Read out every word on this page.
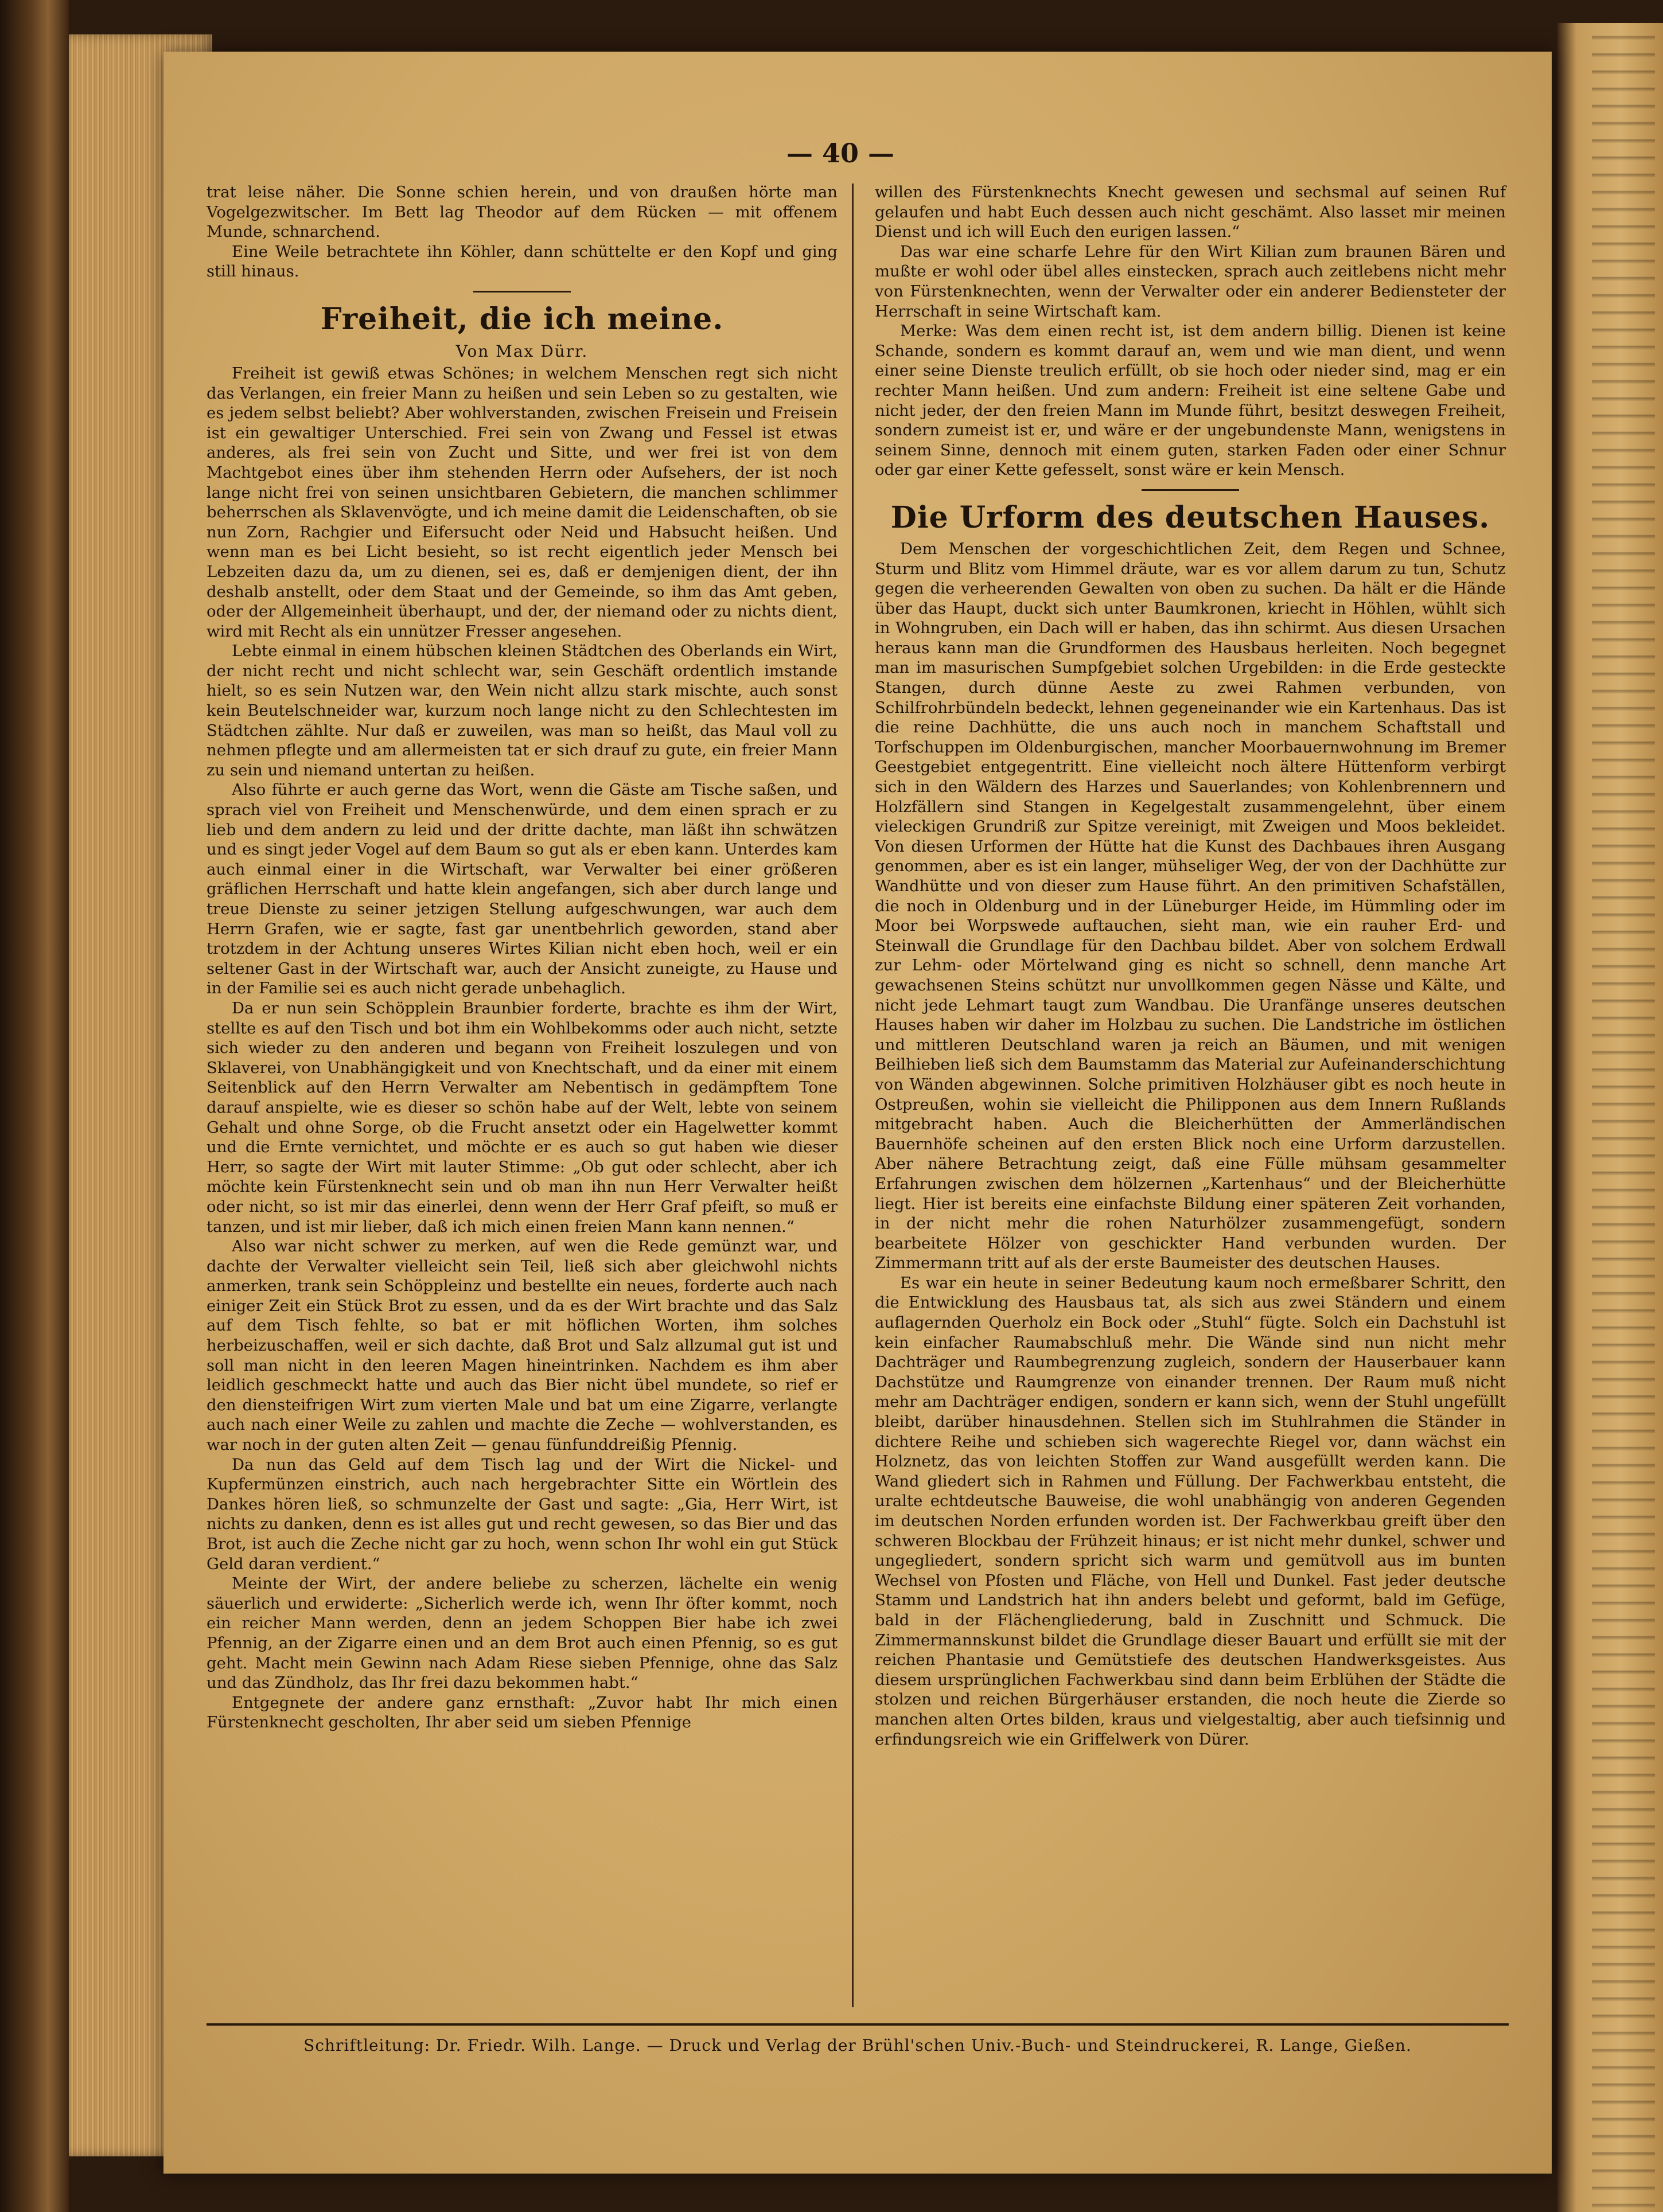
— 40 —

trat leise näher. Die Sonne schien herein, und von draußen hörte man Vogelgezwitscher. Im Bett lag Theodor auf dem Rücken — mit offenem Munde, schnarchend.

Eine Weile betrachtete ihn Köhler, dann schüttelte er den Kopf und ging still hinaus.

Freiheit, die ich meine.
Von Max Dürr.

Freiheit ist gewiß etwas Schönes; in welchem Menschen regt sich nicht das Verlangen, ein freier Mann zu heißen und sein Leben so zu gestalten, wie es jedem selbst beliebt? Aber wohlverstanden, zwischen Freisein und Freisein ist ein gewaltiger Unterschied. Frei sein von Zwang und Fessel ist etwas anderes, als frei sein von Zucht und Sitte, und wer frei ist von dem Machtgebot eines über ihm stehenden Herrn oder Aufsehers, der ist noch lange nicht frei von seinen unsichtbaren Gebietern, die manchen schlimmer beherrschen als Sklavenvögte, und ich meine damit die Leidenschaften, ob sie nun Zorn, Rachgier und Eifersucht oder Neid und Habsucht heißen. Und wenn man es bei Licht besieht, so ist recht eigentlich jeder Mensch bei Lebzeiten dazu da, um zu dienen, sei es, daß er demjenigen dient, der ihn deshalb anstellt, oder dem Staat und der Gemeinde, so ihm das Amt geben, oder der Allgemeinheit überhaupt, und der, der niemand oder zu nichts dient, wird mit Recht als ein unnützer Fresser angesehen.

Lebte einmal in einem hübschen kleinen Städtchen des Oberlands ein Wirt, der nicht recht und nicht schlecht war, sein Geschäft ordentlich imstande hielt, so es sein Nutzen war, den Wein nicht allzu stark mischte, auch sonst kein Beutelschneider war, kurzum noch lange nicht zu den Schlechtesten im Städtchen zählte. Nur daß er zuweilen, was man so heißt, das Maul voll zu nehmen pflegte und am allermeisten tat er sich drauf zu gute, ein freier Mann zu sein und niemand untertan zu heißen.

Also führte er auch gerne das Wort, wenn die Gäste am Tische saßen, und sprach viel von Freiheit und Menschenwürde, und dem einen sprach er zu lieb und dem andern zu leid und der dritte dachte, man läßt ihn schwätzen und es singt jeder Vogel auf dem Baum so gut als er eben kann. Unterdes kam auch einmal einer in die Wirtschaft, war Verwalter bei einer größeren gräflichen Herrschaft und hatte klein angefangen, sich aber durch lange und treue Dienste zu seiner jetzigen Stellung aufgeschwungen, war auch dem Herrn Grafen, wie er sagte, fast gar unentbehrlich geworden, stand aber trotzdem in der Achtung unseres Wirtes Kilian nicht eben hoch, weil er ein seltener Gast in der Wirtschaft war, auch der Ansicht zuneigte, zu Hause und in der Familie sei es auch nicht gerade unbehaglich.

Da er nun sein Schöpplein Braunbier forderte, brachte es ihm der Wirt, stellte es auf den Tisch und bot ihm ein Wohlbekomms oder auch nicht, setzte sich wieder zu den anderen und begann von Freiheit loszulegen und von Sklaverei, von Unabhängigkeit und von Knechtschaft, und da einer mit einem Seitenblick auf den Herrn Verwalter am Nebentisch in gedämpftem Tone darauf anspielte, wie es dieser so schön habe auf der Welt, lebte von seinem Gehalt und ohne Sorge, ob die Frucht ansetzt oder ein Hagelwetter kommt und die Ernte vernichtet, und möchte er es auch so gut haben wie dieser Herr, so sagte der Wirt mit lauter Stimme: „Ob gut oder schlecht, aber ich möchte kein Fürstenknecht sein und ob man ihn nun Herr Verwalter heißt oder nicht, so ist mir das einerlei, denn wenn der Herr Graf pfeift, so muß er tanzen, und ist mir lieber, daß ich mich einen freien Mann kann nennen.“

Also war nicht schwer zu merken, auf wen die Rede gemünzt war, und dachte der Verwalter vielleicht sein Teil, ließ sich aber gleichwohl nichts anmerken, trank sein Schöppleinz und bestellte ein neues, forderte auch nach einiger Zeit ein Stück Brot zu essen, und da es der Wirt brachte und das Salz auf dem Tisch fehlte, so bat er mit höflichen Worten, ihm solches herbeizuschaffen, weil er sich dachte, daß Brot und Salz allzumal gut ist und soll man nicht in den leeren Magen hineintrinken. Nachdem es ihm aber leidlich geschmeckt hatte und auch das Bier nicht übel mundete, so rief er den diensteifrigen Wirt zum vierten Male und bat um eine Zigarre, verlangte auch nach einer Weile zu zahlen und machte die Zeche — wohlverstanden, es war noch in der guten alten Zeit — genau fünfunddreißig Pfennig.

Da nun das Geld auf dem Tisch lag und der Wirt die Nickel- und Kupfermünzen einstrich, auch nach hergebrachter Sitte ein Wörtlein des Dankes hören ließ, so schmunzelte der Gast und sagte: „Gia, Herr Wirt, ist nichts zu danken, denn es ist alles gut und recht gewesen, so das Bier und das Brot, ist auch die Zeche nicht gar zu hoch, wenn schon Ihr wohl ein gut Stück Geld daran verdient.“

Meinte der Wirt, der andere beliebe zu scherzen, lächelte ein wenig säuerlich und erwiderte: „Sicherlich werde ich, wenn Ihr öfter kommt, noch ein reicher Mann werden, denn an jedem Schoppen Bier habe ich zwei Pfennig, an der Zigarre einen und an dem Brot auch einen Pfennig, so es gut geht. Macht mein Gewinn nach Adam Riese sieben Pfennige, ohne das Salz und das Zündholz, das Ihr frei dazu bekommen habt.“

Entgegnete der andere ganz ernsthaft: „Zuvor habt Ihr mich einen Fürstenknecht gescholten, Ihr aber seid um sieben Pfennige

willen des Fürstenknechts Knecht gewesen und sechsmal auf seinen Ruf gelaufen und habt Euch dessen auch nicht geschämt. Also lasset mir meinen Dienst und ich will Euch den eurigen lassen.“

Das war eine scharfe Lehre für den Wirt Kilian zum braunen Bären und mußte er wohl oder übel alles einstecken, sprach auch zeitlebens nicht mehr von Fürstenknechten, wenn der Verwalter oder ein anderer Bediensteter der Herrschaft in seine Wirtschaft kam.

Merke: Was dem einen recht ist, ist dem andern billig. Dienen ist keine Schande, sondern es kommt darauf an, wem und wie man dient, und wenn einer seine Dienste treulich erfüllt, ob sie hoch oder nieder sind, mag er ein rechter Mann heißen. Und zum andern: Freiheit ist eine seltene Gabe und nicht jeder, der den freien Mann im Munde führt, besitzt deswegen Freiheit, sondern zumeist ist er, und wäre er der ungebundenste Mann, wenigstens in seinem Sinne, dennoch mit einem guten, starken Faden oder einer Schnur oder gar einer Kette gefesselt, sonst wäre er kein Mensch.

Die Urform des deutschen Hauses.

Dem Menschen der vorgeschichtlichen Zeit, dem Regen und Schnee, Sturm und Blitz vom Himmel dräute, war es vor allem darum zu tun, Schutz gegen die verheerenden Gewalten von oben zu suchen. Da hält er die Hände über das Haupt, duckt sich unter Baumkronen, kriecht in Höhlen, wühlt sich in Wohngruben, ein Dach will er haben, das ihn schirmt. Aus diesen Ursachen heraus kann man die Grundformen des Hausbaus herleiten. Noch begegnet man im masurischen Sumpfgebiet solchen Urgebilden: in die Erde gesteckte Stangen, durch dünne Aeste zu zwei Rahmen verbunden, von Schilfrohrbündeln bedeckt, lehnen gegeneinander wie ein Kartenhaus. Das ist die reine Dachhütte, die uns auch noch in manchem Schaftstall und Torfschuppen im Oldenburgischen, mancher Moorbauernwohnung im Bremer Geestgebiet entgegentritt. Eine vielleicht noch ältere Hüttenform verbirgt sich in den Wäldern des Harzes und Sauerlandes; von Kohlenbrennern und Holzfällern sind Stangen in Kegelgestalt zusammengelehnt, über einem vieleckigen Grundriß zur Spitze vereinigt, mit Zweigen und Moos bekleidet. Von diesen Urformen der Hütte hat die Kunst des Dachbaues ihren Ausgang genommen, aber es ist ein langer, mühseliger Weg, der von der Dachhütte zur Wandhütte und von dieser zum Hause führt. An den primitiven Schafställen, die noch in Oldenburg und in der Lüneburger Heide, im Hümmling oder im Moor bei Worpswede auftauchen, sieht man, wie ein rauher Erd- und Steinwall die Grundlage für den Dachbau bildet. Aber von solchem Erdwall zur Lehm- oder Mörtelwand ging es nicht so schnell, denn manche Art gewachsenen Steins schützt nur unvollkommen gegen Nässe und Kälte, und nicht jede Lehmart taugt zum Wandbau. Die Uranfänge unseres deutschen Hauses haben wir daher im Holzbau zu suchen. Die Landstriche im östlichen und mittleren Deutschland waren ja reich an Bäumen, und mit wenigen Beilhieben ließ sich dem Baumstamm das Material zur Aufeinanderschichtung von Wänden abgewinnen. Solche primitiven Holzhäuser gibt es noch heute in Ostpreußen, wohin sie vielleicht die Philipponen aus dem Innern Rußlands mitgebracht haben. Auch die Bleicherhütten der Ammerländischen Bauernhöfe scheinen auf den ersten Blick noch eine Urform darzustellen. Aber nähere Betrachtung zeigt, daß eine Fülle mühsam gesammelter Erfahrungen zwischen dem hölzernen „Kartenhaus“ und der Bleicherhütte liegt. Hier ist bereits eine einfachste Bildung einer späteren Zeit vorhanden, in der nicht mehr die rohen Naturhölzer zusammengefügt, sondern bearbeitete Hölzer von geschickter Hand verbunden wurden. Der Zimmermann tritt auf als der erste Baumeister des deutschen Hauses.

Es war ein heute in seiner Bedeutung kaum noch ermeßbarer Schritt, den die Entwicklung des Hausbaus tat, als sich aus zwei Ständern und einem auflagernden Querholz ein Bock oder „Stuhl“ fügte. Solch ein Dachstuhl ist kein einfacher Raumabschluß mehr. Die Wände sind nun nicht mehr Dachträger und Raumbegrenzung zugleich, sondern der Hauserbauer kann Dachstütze und Raumgrenze von einander trennen. Der Raum muß nicht mehr am Dachträger endigen, sondern er kann sich, wenn der Stuhl ungefüllt bleibt, darüber hinausdehnen. Stellen sich im Stuhlrahmen die Ständer in dichtere Reihe und schieben sich wagerechte Riegel vor, dann wächst ein Holznetz, das von leichten Stoffen zur Wand ausgefüllt werden kann. Die Wand gliedert sich in Rahmen und Füllung. Der Fachwerkbau entsteht, die uralte echtdeutsche Bauweise, die wohl unabhängig von anderen Gegenden im deutschen Norden erfunden worden ist. Der Fachwerkbau greift über den schweren Blockbau der Frühzeit hinaus; er ist nicht mehr dunkel, schwer und ungegliedert, sondern spricht sich warm und gemütvoll aus im bunten Wechsel von Pfosten und Fläche, von Hell und Dunkel. Fast jeder deutsche Stamm und Landstrich hat ihn anders belebt und geformt, bald im Gefüge, bald in der Flächengliederung, bald in Zuschnitt und Schmuck. Die Zimmermannskunst bildet die Grundlage dieser Bauart und erfüllt sie mit der reichen Phantasie und Gemütstiefe des deutschen Handwerksgeistes. Aus diesem ursprünglichen Fachwerkbau sind dann beim Erblühen der Städte die stolzen und reichen Bürgerhäuser erstanden, die noch heute die Zierde so manchen alten Ortes bilden, kraus und vielgestaltig, aber auch tiefsinnig und erfindungsreich wie ein Griffelwerk von Dürer.

Schriftleitung: Dr. Friedr. Wilh. Lange. — Druck und Verlag der Brühl'schen Univ.-Buch- und Steindruckerei, R. Lange, Gießen.
